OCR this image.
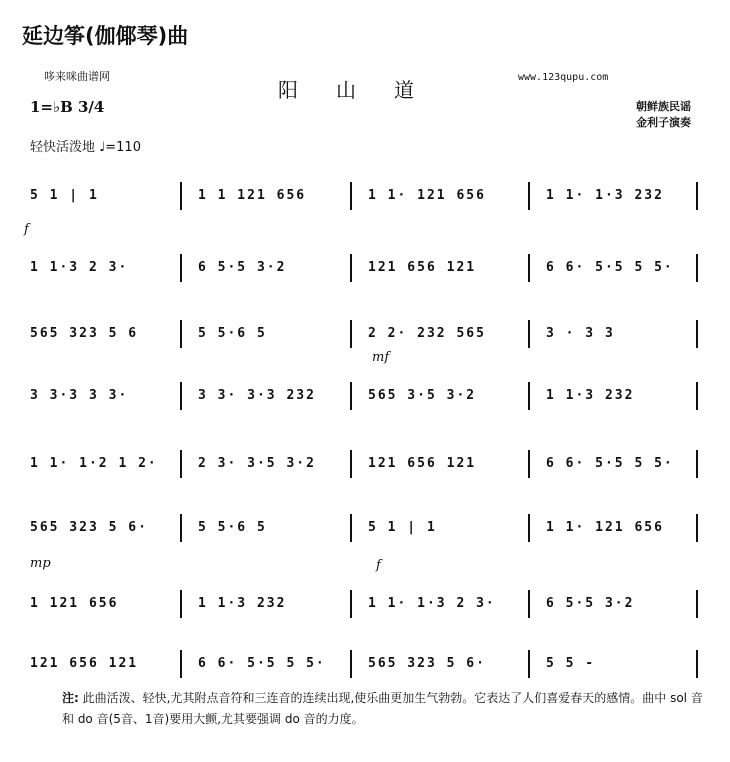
延边筝(伽倻琴)曲
哆来咪曲谱网
阳山道
www.123qupu.com
朝鲜族民谣
金利子演奏
1=♭B 3/4
轻快活泼地 ♩=110
5 1 | 1	1 1 121 656	1 1· 121 656	1 1· 1·3 232
1 1·3 2 3·	6 5·5 3·2	121 656 121	6 6· 5·5 5 5·
565 323 5 6	5 5·6 5	2 2· 232 565	3 · 3 3
3 3·3 3 3·	3 3· 3·3 232	565 3·5 3·2	1 1·3 232
1 1· 1·2 1 2·	2 3· 3·5 3·2	121 656 121	6 6· 5·5 5 5·
565 323 5 6·	5 5·6 5	5 1 | 1	1 1· 121 656
1 121 656	1 1·3 232	1 1· 1·3 2 3·	6 5·5 3·2
121 656 121	6 6· 5·5 5 5·	565 323 5 6·	5 5 -
注: 此曲活泼、轻快,尤其附点音符和三连音的连续出现,使乐曲更加生气勃勃。它表达了人们喜爱春天的感情。曲中 sol 音和 do 音(5音、1音)要用大颤,尤其要强调 do 音的力度。
f
mf
mp	f
